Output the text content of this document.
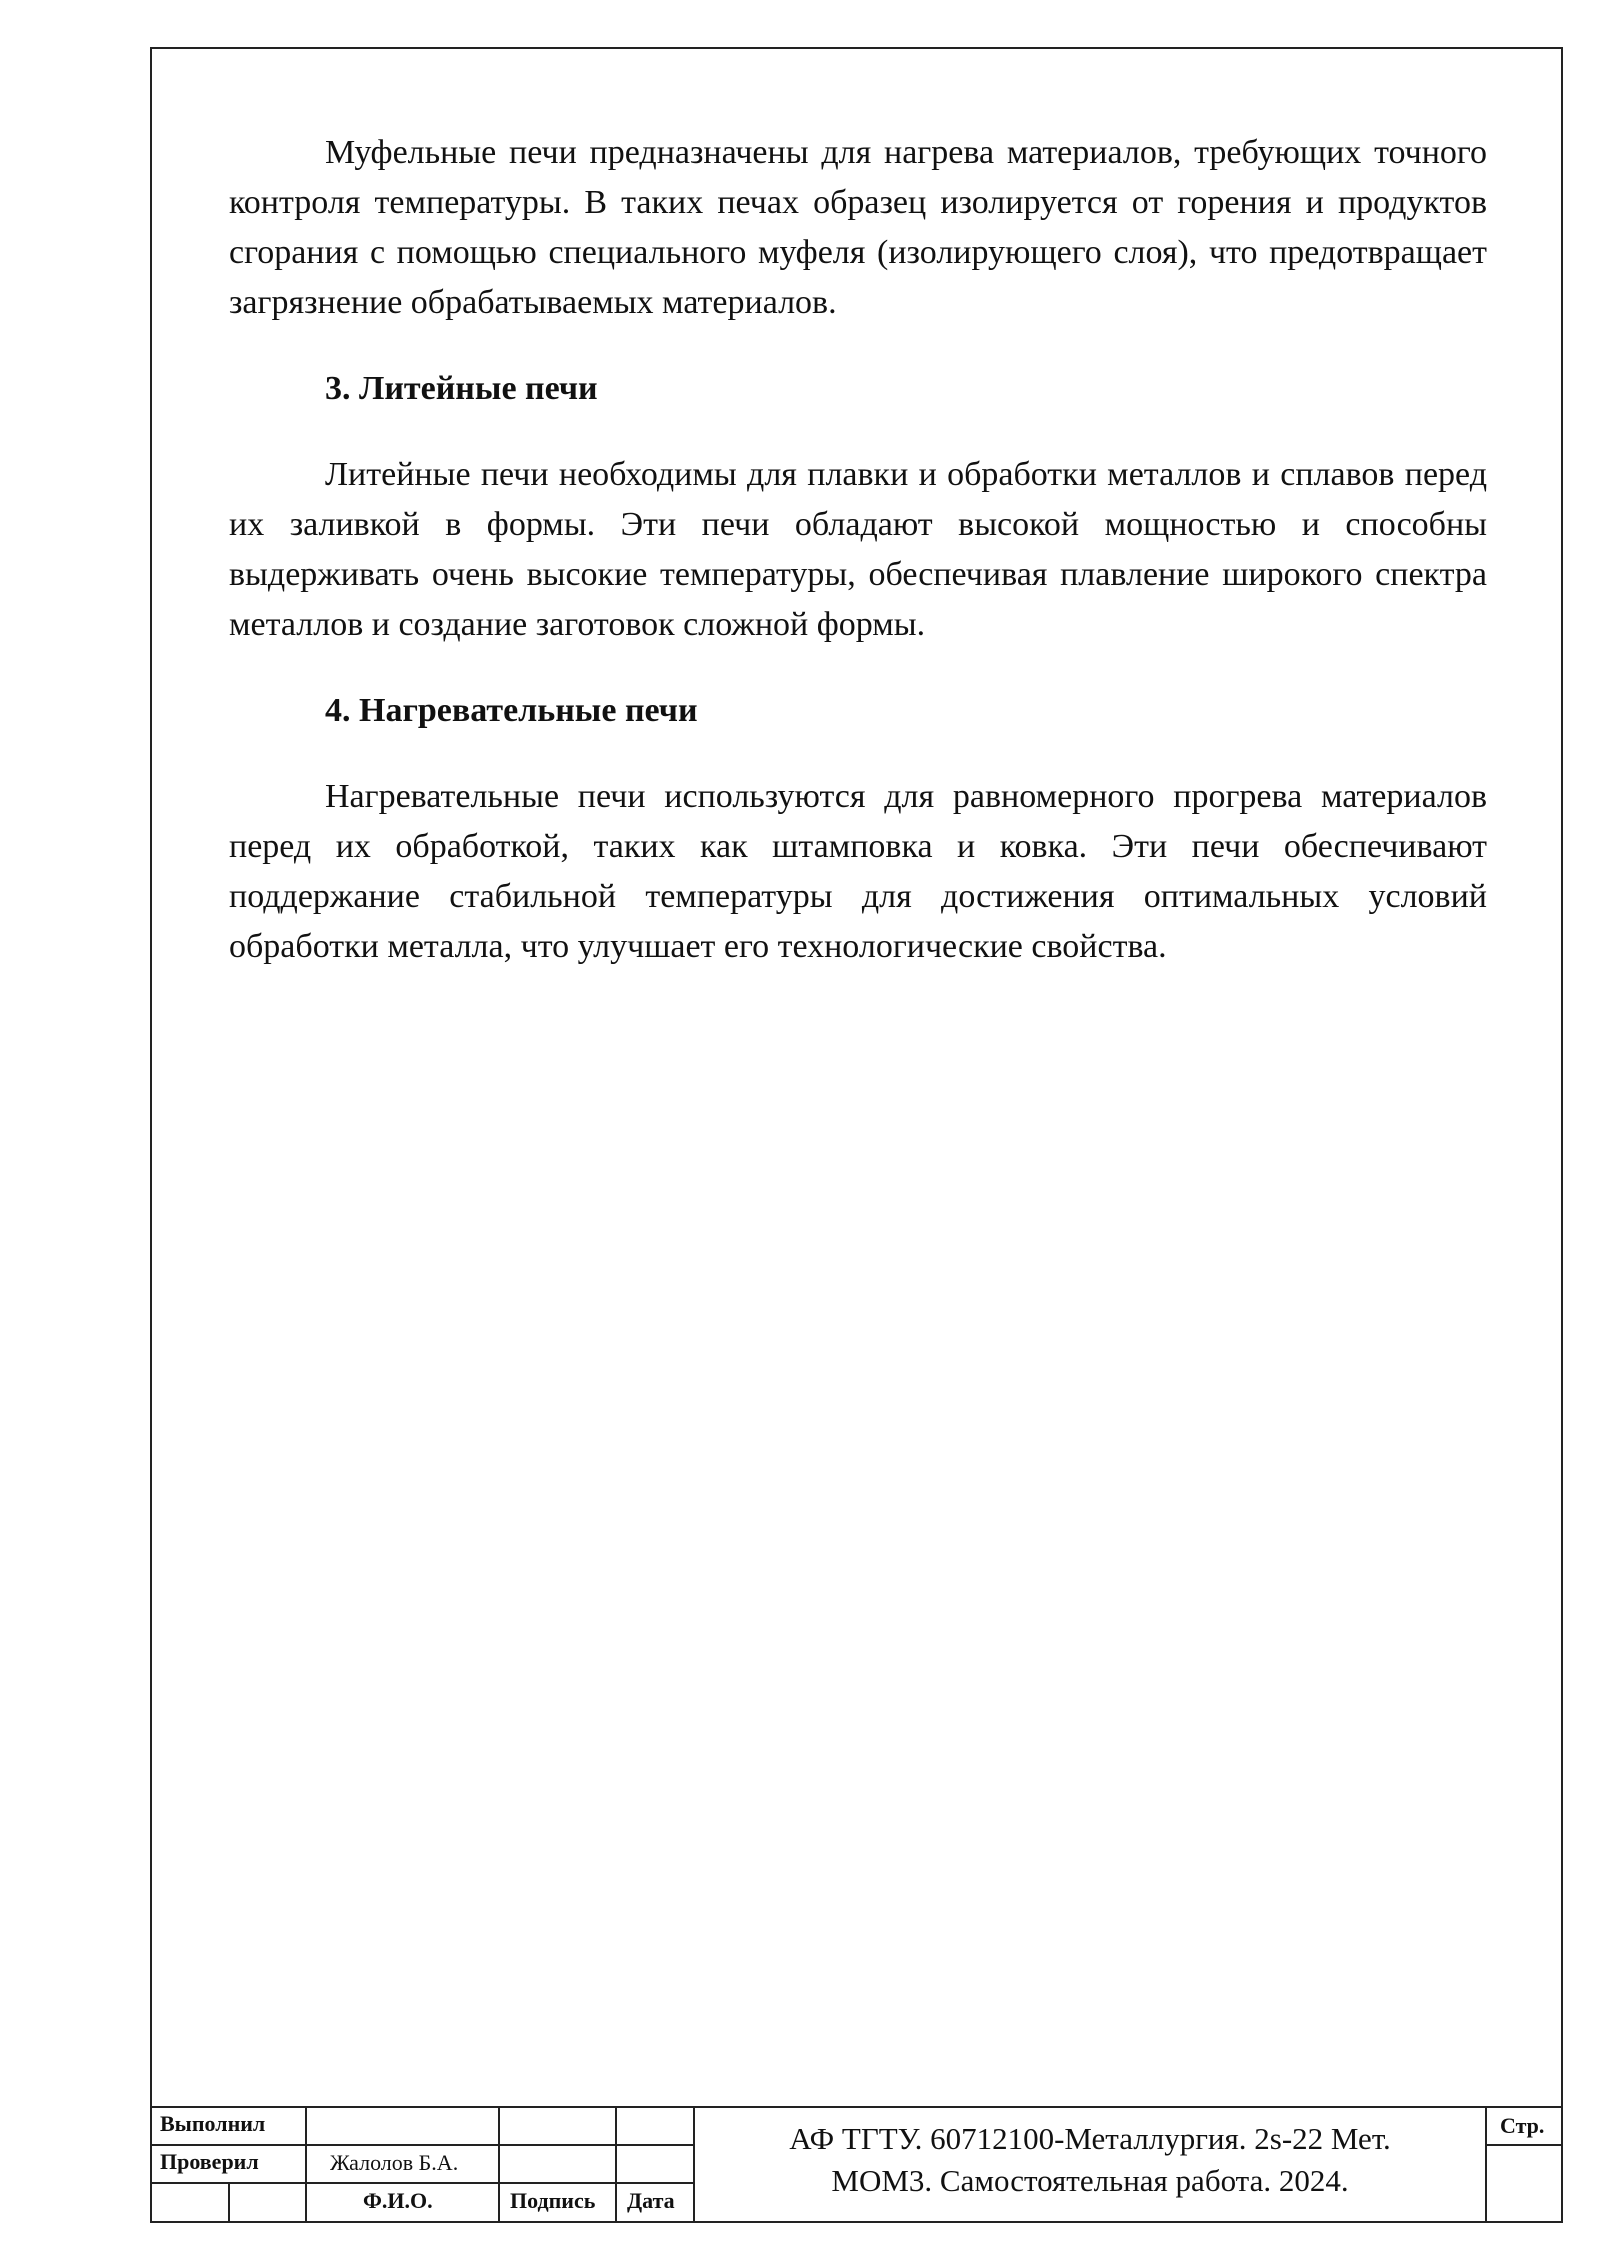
Муфельные печи предназначены для нагрева материалов, требующих точного контроля температуры. В таких печах образец изолируется от горения и продуктов сгорания с помощью специального муфеля (изолирующего слоя), что предотвращает загрязнение обрабатываемых материалов.

3. Литейные печи

Литейные печи необходимы для плавки и обработки металлов и сплавов перед их заливкой в формы. Эти печи обладают высокой мощностью и способны выдерживать очень высокие температуры, обеспечивая плавление широкого спектра металлов и создание заготовок сложной формы.

4. Нагревательные печи

Нагревательные печи используются для равномерного прогрева материалов перед их обработкой, таких как штамповка и ковка. Эти печи обеспечивают поддержание стабильной температуры для достижения оптимальных условий обработки металла, что улучшает его технологические свойства.

Выполнил
Проверил	Жалолов Б.А.
Ф.И.О.	Подпись Дата
АФ ТГТУ. 60712100-Металлургия. 2s-22 Мет.
MOM3. Самостоятельная работа. 2024.
Стр.
